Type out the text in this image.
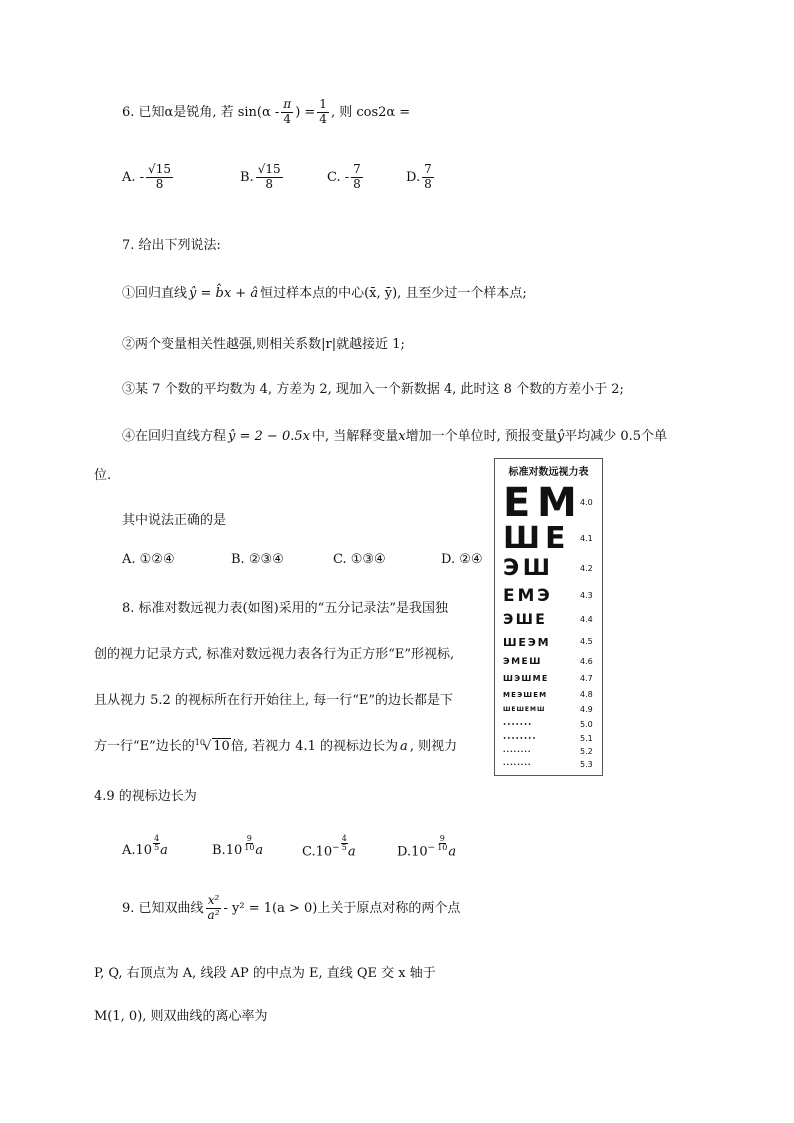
6. 已知α是锐角, 若 $\sin(\alpha - \frac{\pi}{4}$ ) = $\frac{1}{4}$ , 则 cos2α =
A. - $\frac{√15}{8}$	B. $\frac{√15}{8}$	C. - $\frac{7}{8}$	D. $\frac{7}{8}$
7. 给出下列说法:
①回归直线 ŷ = b̂x + â 恒过样本点的中心(x̄, ȳ), 且至少过一个样本点;
②两个变量相关性越强,则相关系数|r|就越接近 1;
③某 7 个数的平均数为 4, 方差为 2, 现加入一个新数据 4, 此时这 8 个数的方差小于 2;
④在回归直线方程 ŷ = 2 − 0.5x 中, 当解释变量x增加一个单位时, 预报变量ŷ平均减少 0.5个单
位.
其中说法正确的是
A. ①②④	B. ②③④	C. ①③④	D. ②④
标准对数远视力表
ЕM
4.0
ШE 4.1
ЭШ	4.2
EMЭ	4.3
ЭШE	4.4
ШEЭM	4.5
ЭMEШ	4.6
ШЭШME	4.7
MEЭШEM	4.8
ШEШEMШ	4.9
•••••••	5.0
••••••••	5.1
••••••••	5.2
••••••••	5.3
8. 标准对数远视力表(如图)采用的“五分记录法”是我国独
创的视力记录方式, 标准对数远视力表各行为正方形“E”形视标,
且从视力 5.2 的视标所在行开始往上, 每一行“E”的边长都是下
方一行“E”边长的$^{10}$√ 10倍, 若视力 4.1 的视标边长为 a , 则视力
4.9 的视标边长为
$A.10 \frac{4}{5}$ a	$B.10 \frac{9}{10}$ a	$C.10^- \frac{4}{5}$ a	$D.10^- \frac{9}{10}$ a
9. 已知双曲线 $\frac{\text{x²}}{\text{a²}} - y^2 = 1(a > 0)$上关于原点对称的两个点
P, Q, 右顶点为 A, 线段 AP 的中点为 E, 直线 QE 交 x 轴于
M(1, 0), 则双曲线的离心率为
